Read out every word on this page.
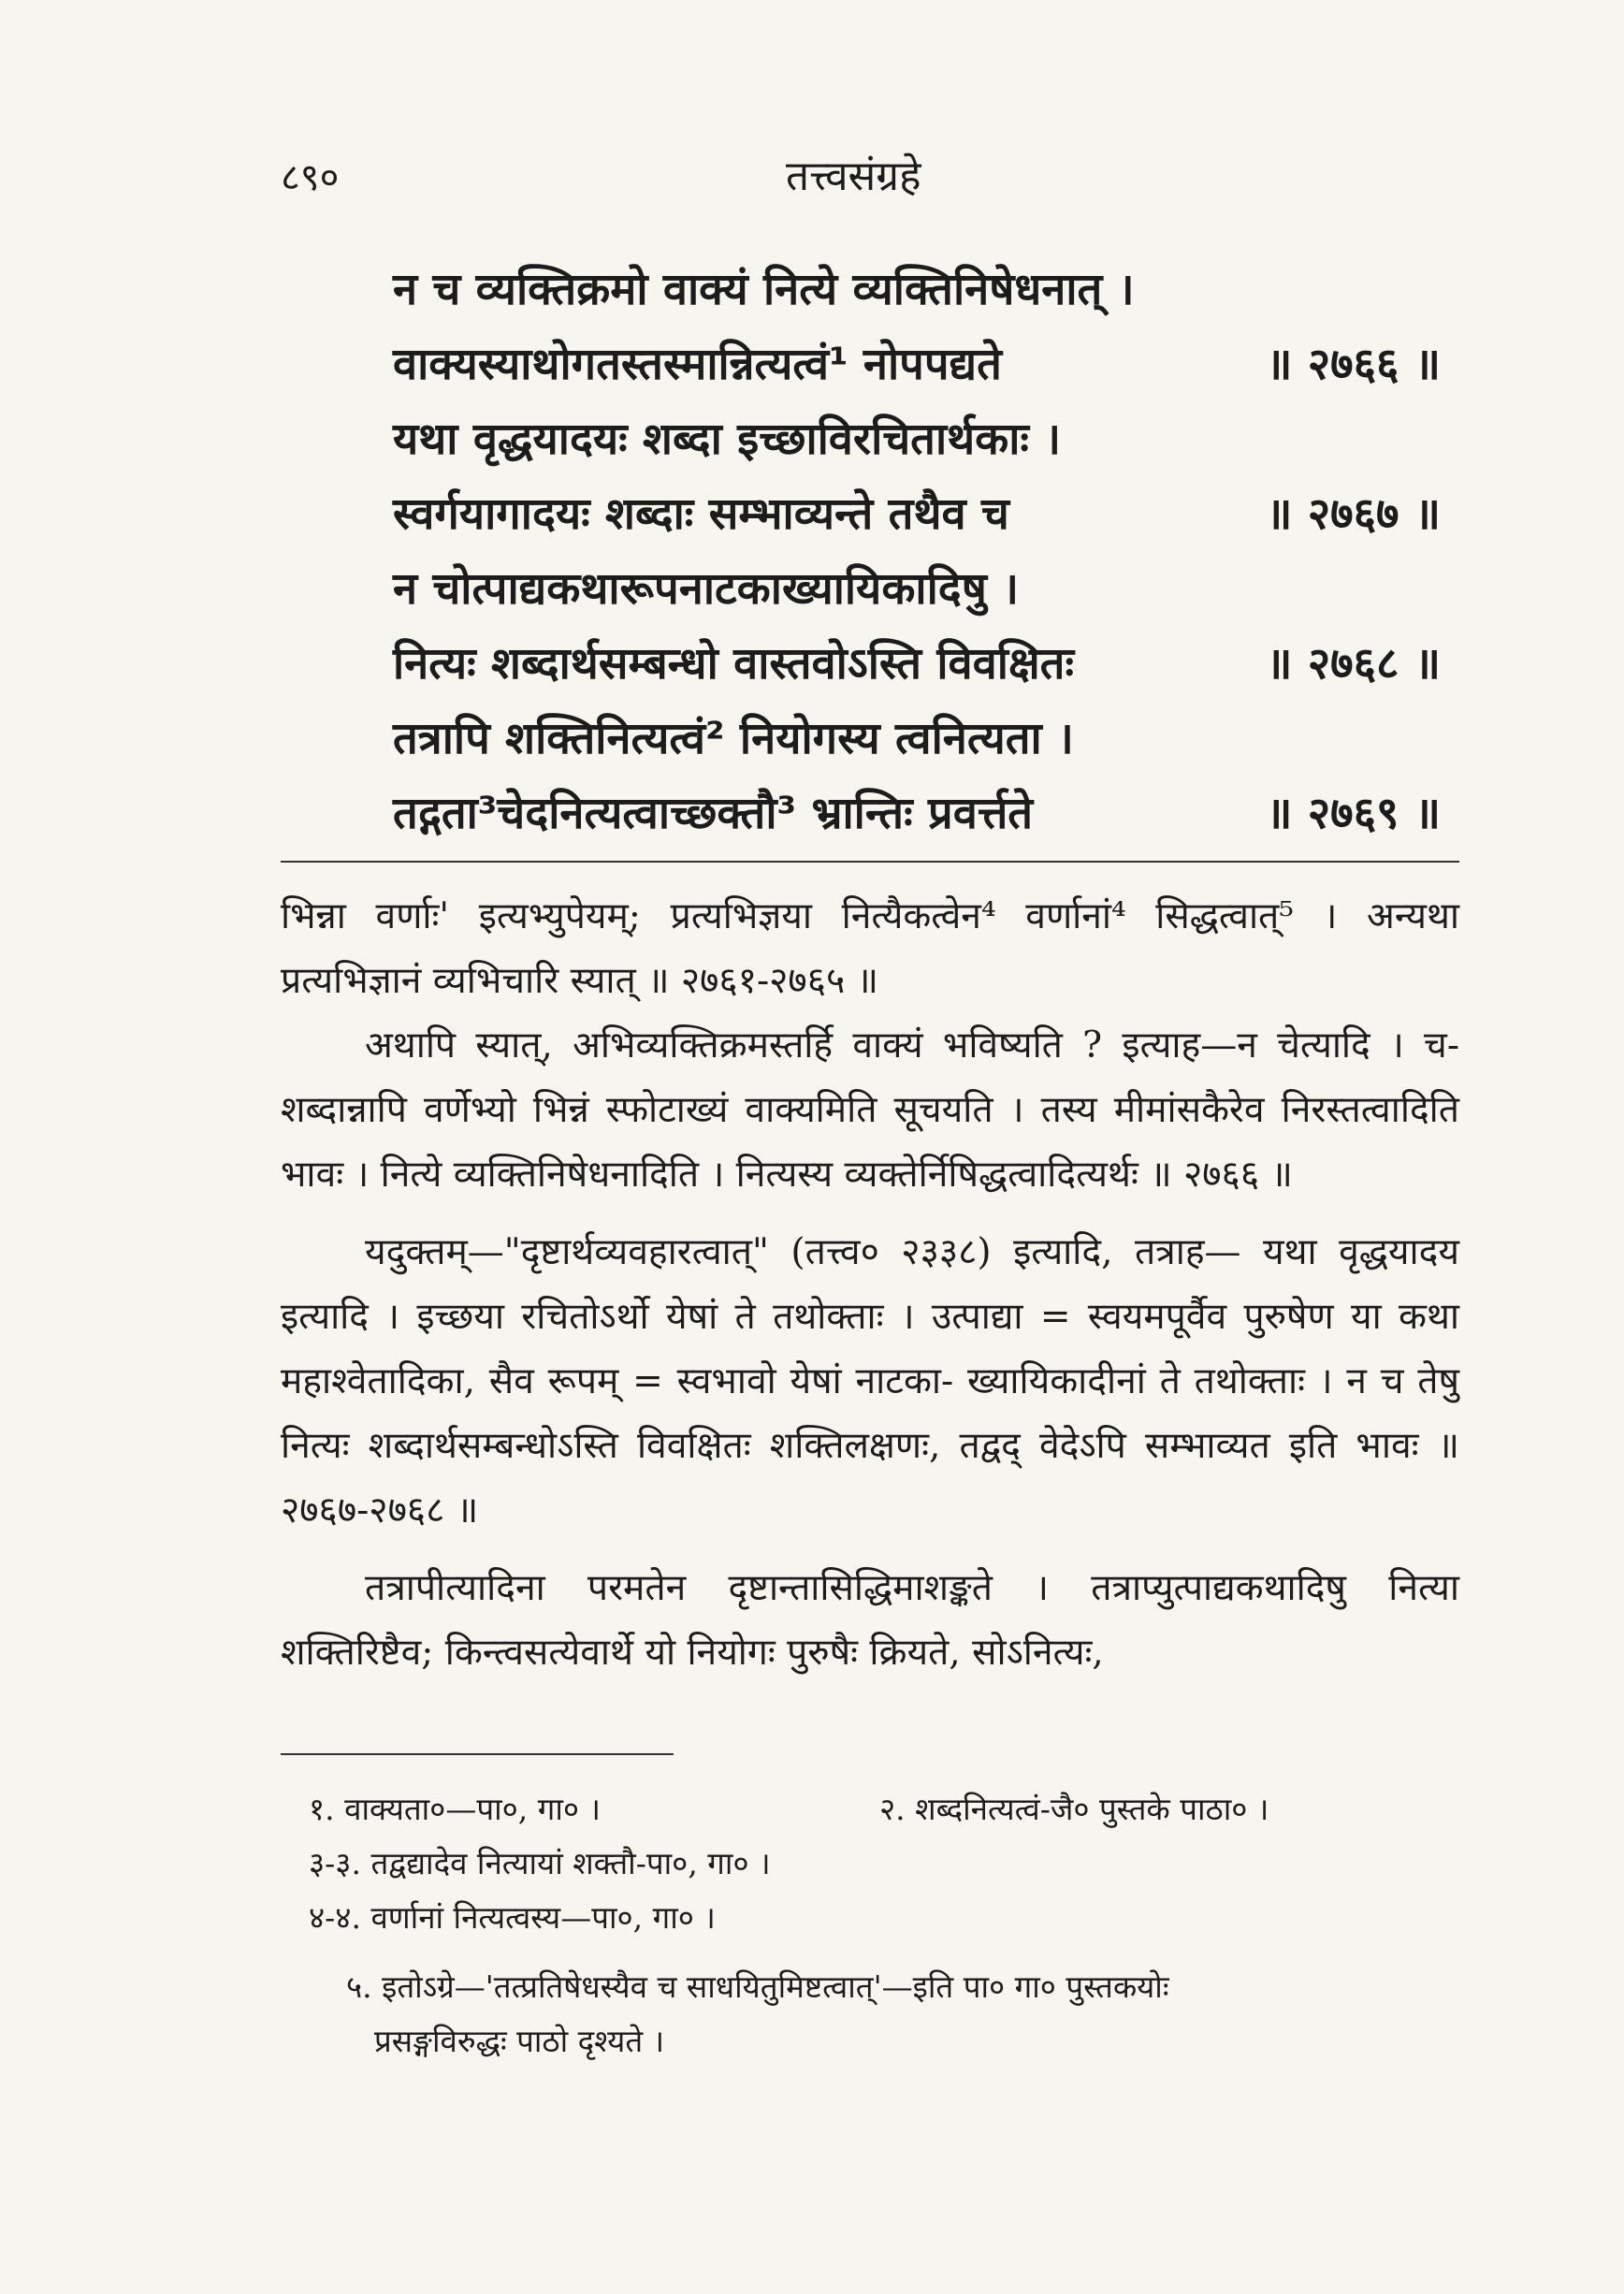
८९०	तत्त्वसंग्रहे
न च व्यक्तिक्रमो वाक्यं नित्ये व्यक्तिनिषेधनात् ।
वाक्यस्याथोगतस्तस्मान्नित्यत्वं¹ नोपपद्यते	॥ २७६६ ॥
यथा वृद्धयादयः शब्दा इच्छाविरचितार्थकाः ।
स्वर्गयागादयः शब्दाः सम्भाव्यन्ते तथैव च	॥ २७६७ ॥
न चोत्पाद्यकथारूपनाटकाख्यायिकादिषु ।
नित्यः शब्दार्थसम्बन्धो वास्तवोऽस्ति विवक्षितः	॥ २७६८ ॥
तत्रापि शक्तिनित्यत्वं² नियोगस्य त्वनित्यता ।
तद्गता³चेदनित्यत्वाच्छक्तौ³ भ्रान्तिः प्रवर्त्तते	॥ २७६९ ॥

भिन्ना वर्णाः' इत्यभ्युपेयम्; प्रत्यभिज्ञया नित्यैकत्वेन⁴ वर्णानां⁴ सिद्धत्वात्⁵ । अन्यथा प्रत्यभिज्ञानं व्यभिचारि स्यात् ॥ २७६१-२७६५ ॥

अथापि स्यात्, अभिव्यक्तिक्रमस्तर्हि वाक्यं भविष्यति ? इत्याह—न चेत्यादि । च-शब्दान्नापि वर्णेभ्यो भिन्नं स्फोटाख्यं वाक्यमिति सूचयति । तस्य मीमांसकैरेव निरस्तत्वादिति भावः । नित्ये व्यक्तिनिषेधनादिति । नित्यस्य व्यक्तेर्निषिद्धत्वादित्यर्थः ॥ २७६६ ॥

यदुक्तम्—"दृष्टार्थव्यवहारत्वात्" (तत्त्व० २३३८) इत्यादि, तत्राह— यथा वृद्धयादय इत्यादि । इच्छया रचितोऽर्थो येषां ते तथोक्ताः । उत्पाद्या = स्वयमपूर्वैव पुरुषेण या कथा महाश्वेतादिका, सैव रूपम् = स्वभावो येषां नाटका- ख्यायिकादीनां ते तथोक्ताः । न च तेषु नित्यः शब्दार्थसम्बन्धोऽस्ति विवक्षितः शक्तिलक्षणः, तद्वद् वेदेऽपि सम्भाव्यत इति भावः ॥ २७६७-२७६८ ॥

तत्रापीत्यादिना परमतेन दृष्टान्तासिद्धिमाशङ्कते । तत्राप्युत्पाद्यकथादिषु नित्या शक्तिरिष्टैव; किन्त्वसत्येवार्थे यो नियोगः पुरुषैः क्रियते, सोऽनित्यः,

१. वाक्यता०—पा०, गा० ।	२. शब्दनित्यत्वं-जै० पुस्तके पाठा० ।
३-३. तद्वद्यादेव नित्यायां शक्तौ-पा०, गा० ।
४-४. वर्णानां नित्यत्वस्य—पा०, गा० ।
५. इतोऽग्रे—'तत्प्रतिषेधस्यैव च साधयितुमिष्टत्वात्'—इति पा० गा० पुस्तकयोः
प्रसङ्गविरुद्धः पाठो दृश्यते ।
